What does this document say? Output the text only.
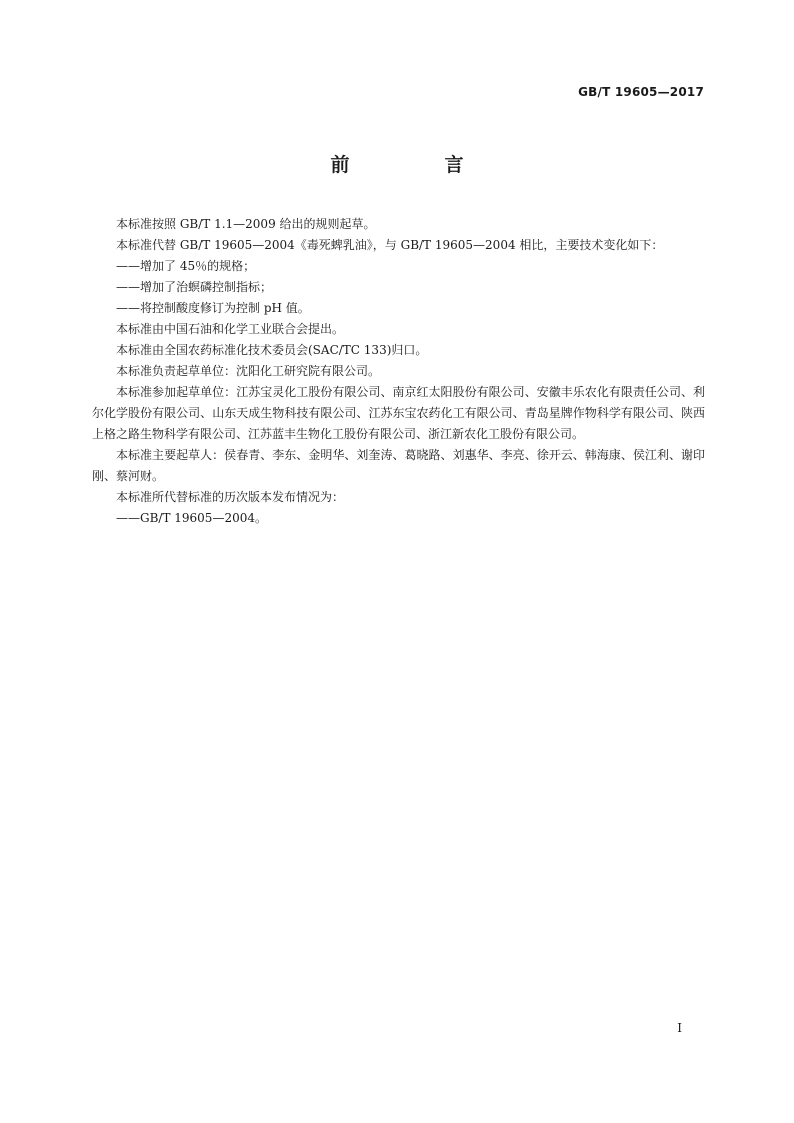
GB/T 19605—2017
前　言

本标准按照 GB/T 1.1—2009 给出的规则起草。

本标准代替 GB/T 19605—2004《毒死蜱乳油》，与 GB/T 19605—2004 相比，主要技术变化如下：

——增加了 45％的规格；

——增加了治螟磷控制指标；

——将控制酸度修订为控制 pH 值。

本标准由中国石油和化学工业联合会提出。

本标准由全国农药标准化技术委员会(SAC/TC 133)归口。

本标准负责起草单位：沈阳化工研究院有限公司。

本标准参加起草单位：江苏宝灵化工股份有限公司、南京红太阳股份有限公司、安徽丰乐农化有限责任公司、利尔化学股份有限公司、山东天成生物科技有限公司、江苏东宝农药化工有限公司、青岛星牌作物科学有限公司、陕西上格之路生物科学有限公司、江苏蓝丰生物化工股份有限公司、浙江新农化工股份有限公司。

本标准主要起草人：侯春青、李东、金明华、刘奎涛、葛晓路、刘惠华、李亮、徐开云、韩海康、侯江利、谢印刚、蔡河财。

本标准所代替标准的历次版本发布情况为：

——GB/T 19605—2004。

I
